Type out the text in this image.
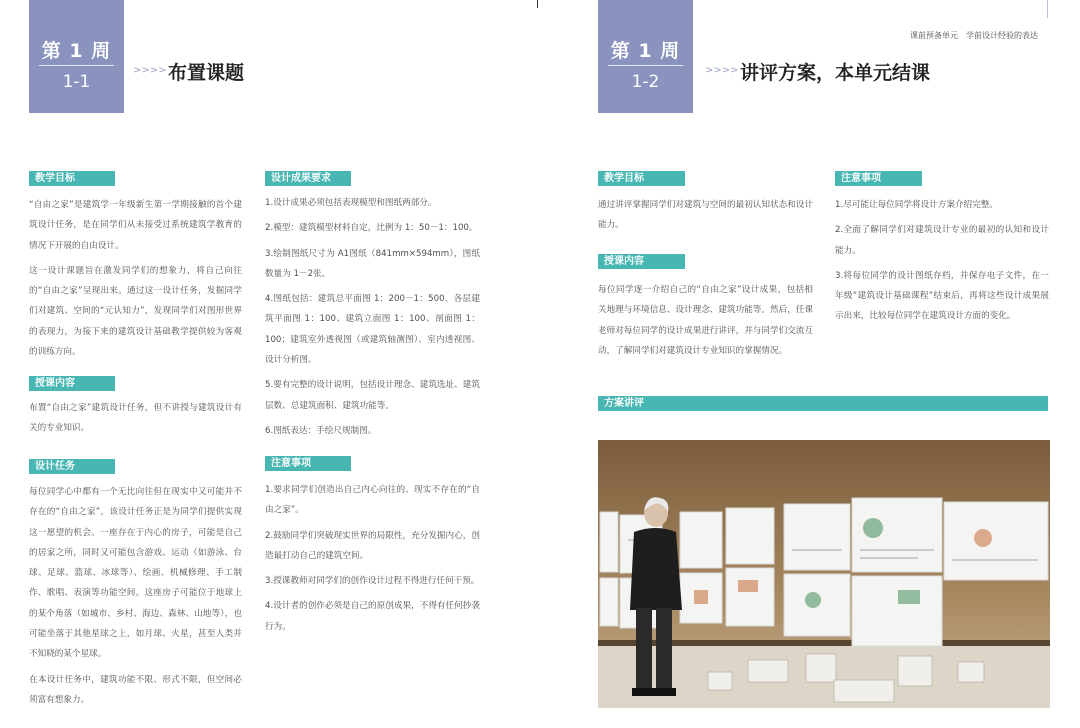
第 1 周
1-1
>>>> 布置课题
教学目标

“自由之家”是建筑学一年级新生第一学期接触的首个建筑设计任务，是在同学们从未接受过系统建筑学教育的情况下开展的自由设计。

这一设计课题旨在激发同学们的想象力，将自己向往的“自由之家”呈现出来。通过这一设计任务，发掘同学们对建筑、空间的“元认知力”，发现同学们对图形世界的表现力，为接下来的建筑设计基础教学提供较为客观的训练方向。

授课内容

布置“自由之家”建筑设计任务，但不讲授与建筑设计有关的专业知识。

设计任务

每位同学心中都有一个无比向往但在现实中又可能并不存在的“自由之家”，该设计任务正是为同学们提供实现这一愿望的机会。一座存在于内心的房子，可能是自己的居家之所，同时又可能包含游戏、运动（如游泳、台球、足球、篮球、冰球等）、绘画、机械修理、手工制作、歌唱、表演等功能空间。这座房子可能位于地球上的某个角落（如城市、乡村、海边、森林、山地等），也可能坐落于其他星球之上，如月球、火星，甚至人类并不知晓的某个星球。

在本设计任务中，建筑功能不限、形式不限，但空间必须富有想象力。

设计成果要求
1.设计成果必须包括表现模型和图纸两部分。
2.模型：建筑模型材料自定，比例为 1：50－1：100。
3.绘制图纸尺寸为 A1图纸（841mm×594mm），图纸数量为 1－2张。
4.图纸包括：建筑总平面图 1：200－1：500、各层建筑平面图 1：100、建筑立面图 1：100、剖面图 1：100；建筑室外透视图（或建筑轴测图）、室内透视图、设计分析图。
5.要有完整的设计说明，包括设计理念、建筑选址、建筑层数、总建筑面积、建筑功能等。
6.图纸表达：手绘尺规制图。
注意事项
1.要求同学们创造出自己内心向往的、现实不存在的“自由之家”。
2.鼓励同学们突破现实世界的局限性，充分发掘内心，创造最打动自己的建筑空间。
3.授课教师对同学们的创作设计过程不得进行任何干预。
4.设计者的创作必须是自己的原创成果，不得有任何抄袭行为。
课前预备单元　学前设计经验的表达
第 1 周
1-2
>>>> 讲评方案，本单元结课
教学目标

通过讲评掌握同学们对建筑与空间的最初认知状态和设计能力。

授课内容

每位同学逐一介绍自己的“自由之家”设计成果，包括相关地理与环境信息、设计理念、建筑功能等。然后，任课老师对每位同学的设计成果进行讲评，并与同学们交流互动，了解同学们对建筑设计专业知识的掌握情况。

注意事项
1.尽可能让每位同学将设计方案介绍完整。
2.全面了解同学们对建筑设计专业的最初的认知和设计能力。
3.将每位同学的设计图纸存档，并保存电子文件，在一年级“建筑设计基础课程”结束后，再将这些设计成果展示出来，比较每位同学在建筑设计方面的变化。
方案讲评
